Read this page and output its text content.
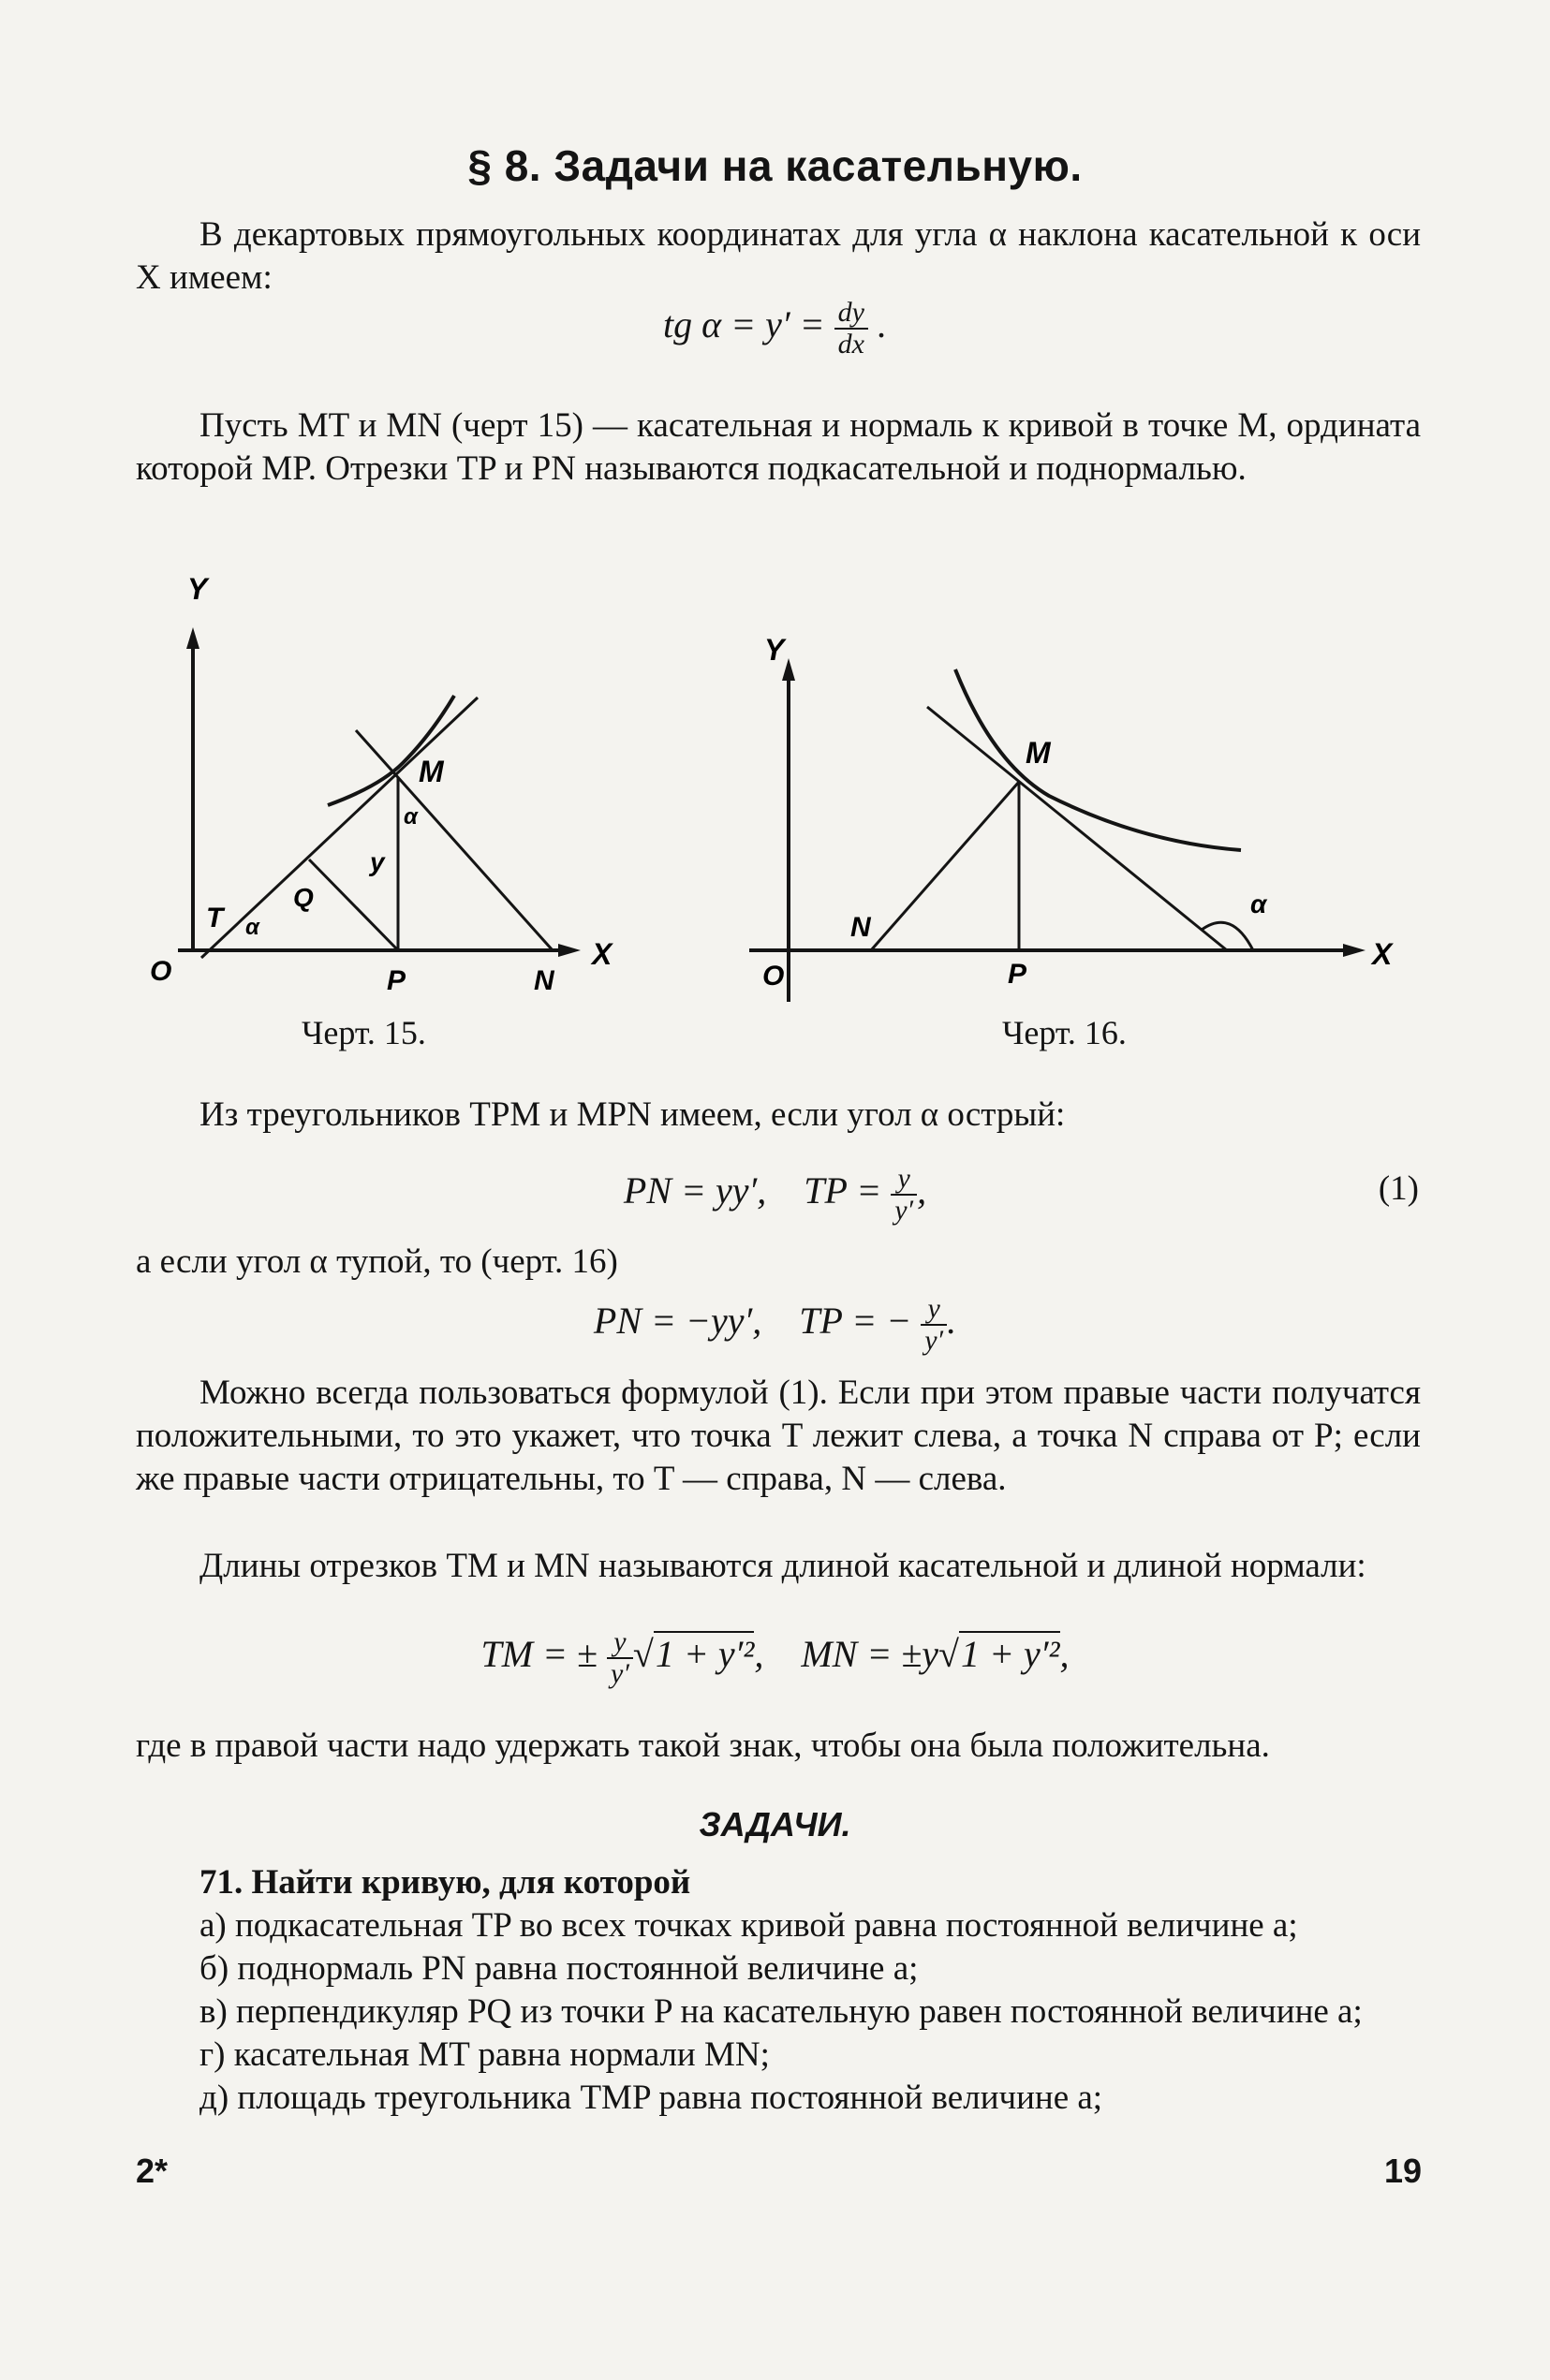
§ 8. Задачи на касательную.
В декартовых прямоугольных координатах для угла α наклона касательной к оси X имеем:
tg $\alpha = y' = \frac{dy}{dx}$ .
Пусть MT и MN (черт 15) — касательная и нормаль к кривой в точке M, ордината которой MP. Отрезки TP и PN называются подкасательной и поднормалью.
Y
X
O
T α
Q
y
α
M
P	N
Черт. 15.
Y
X
O
N
P
M
α
Черт. 16.
Из треугольников TPM и MPN имеем, если угол α острый:
PN = yy′, TP = $\frac{y}{y'}$ ,	(1)
а если угол α тупой, то (черт. 16)
PN = −yy′, TP = − $\frac{y}{y'}$ .
Можно всегда пользоваться формулой (1). Если при этом правые части получатся положительными, то это укажет, что точка T лежит слева, а точка N справа от P; если же правые части отрицательны, то T — справа, N — слева.
Длины отрезков TM и MN называются длиной касательной и длиной нормали:
TM = ± $\frac{y}{y'} √1 + y'^2$, MN = ±y√1 + y′²,
где в правой части надо удержать такой знак, чтобы она была положительна.
ЗАДАЧИ.
71. Найти кривую, для которой
а) подкасательная TP во всех точках кривой равна постоянной величине a;
б) поднормаль PN равна постоянной величине a;
в) перпендикуляр PQ из точки P на касательную равен постоянной величине a;
г) касательная MT равна нормали MN;
д) площадь треугольника TMP равна постоянной величине a;
2*	19
